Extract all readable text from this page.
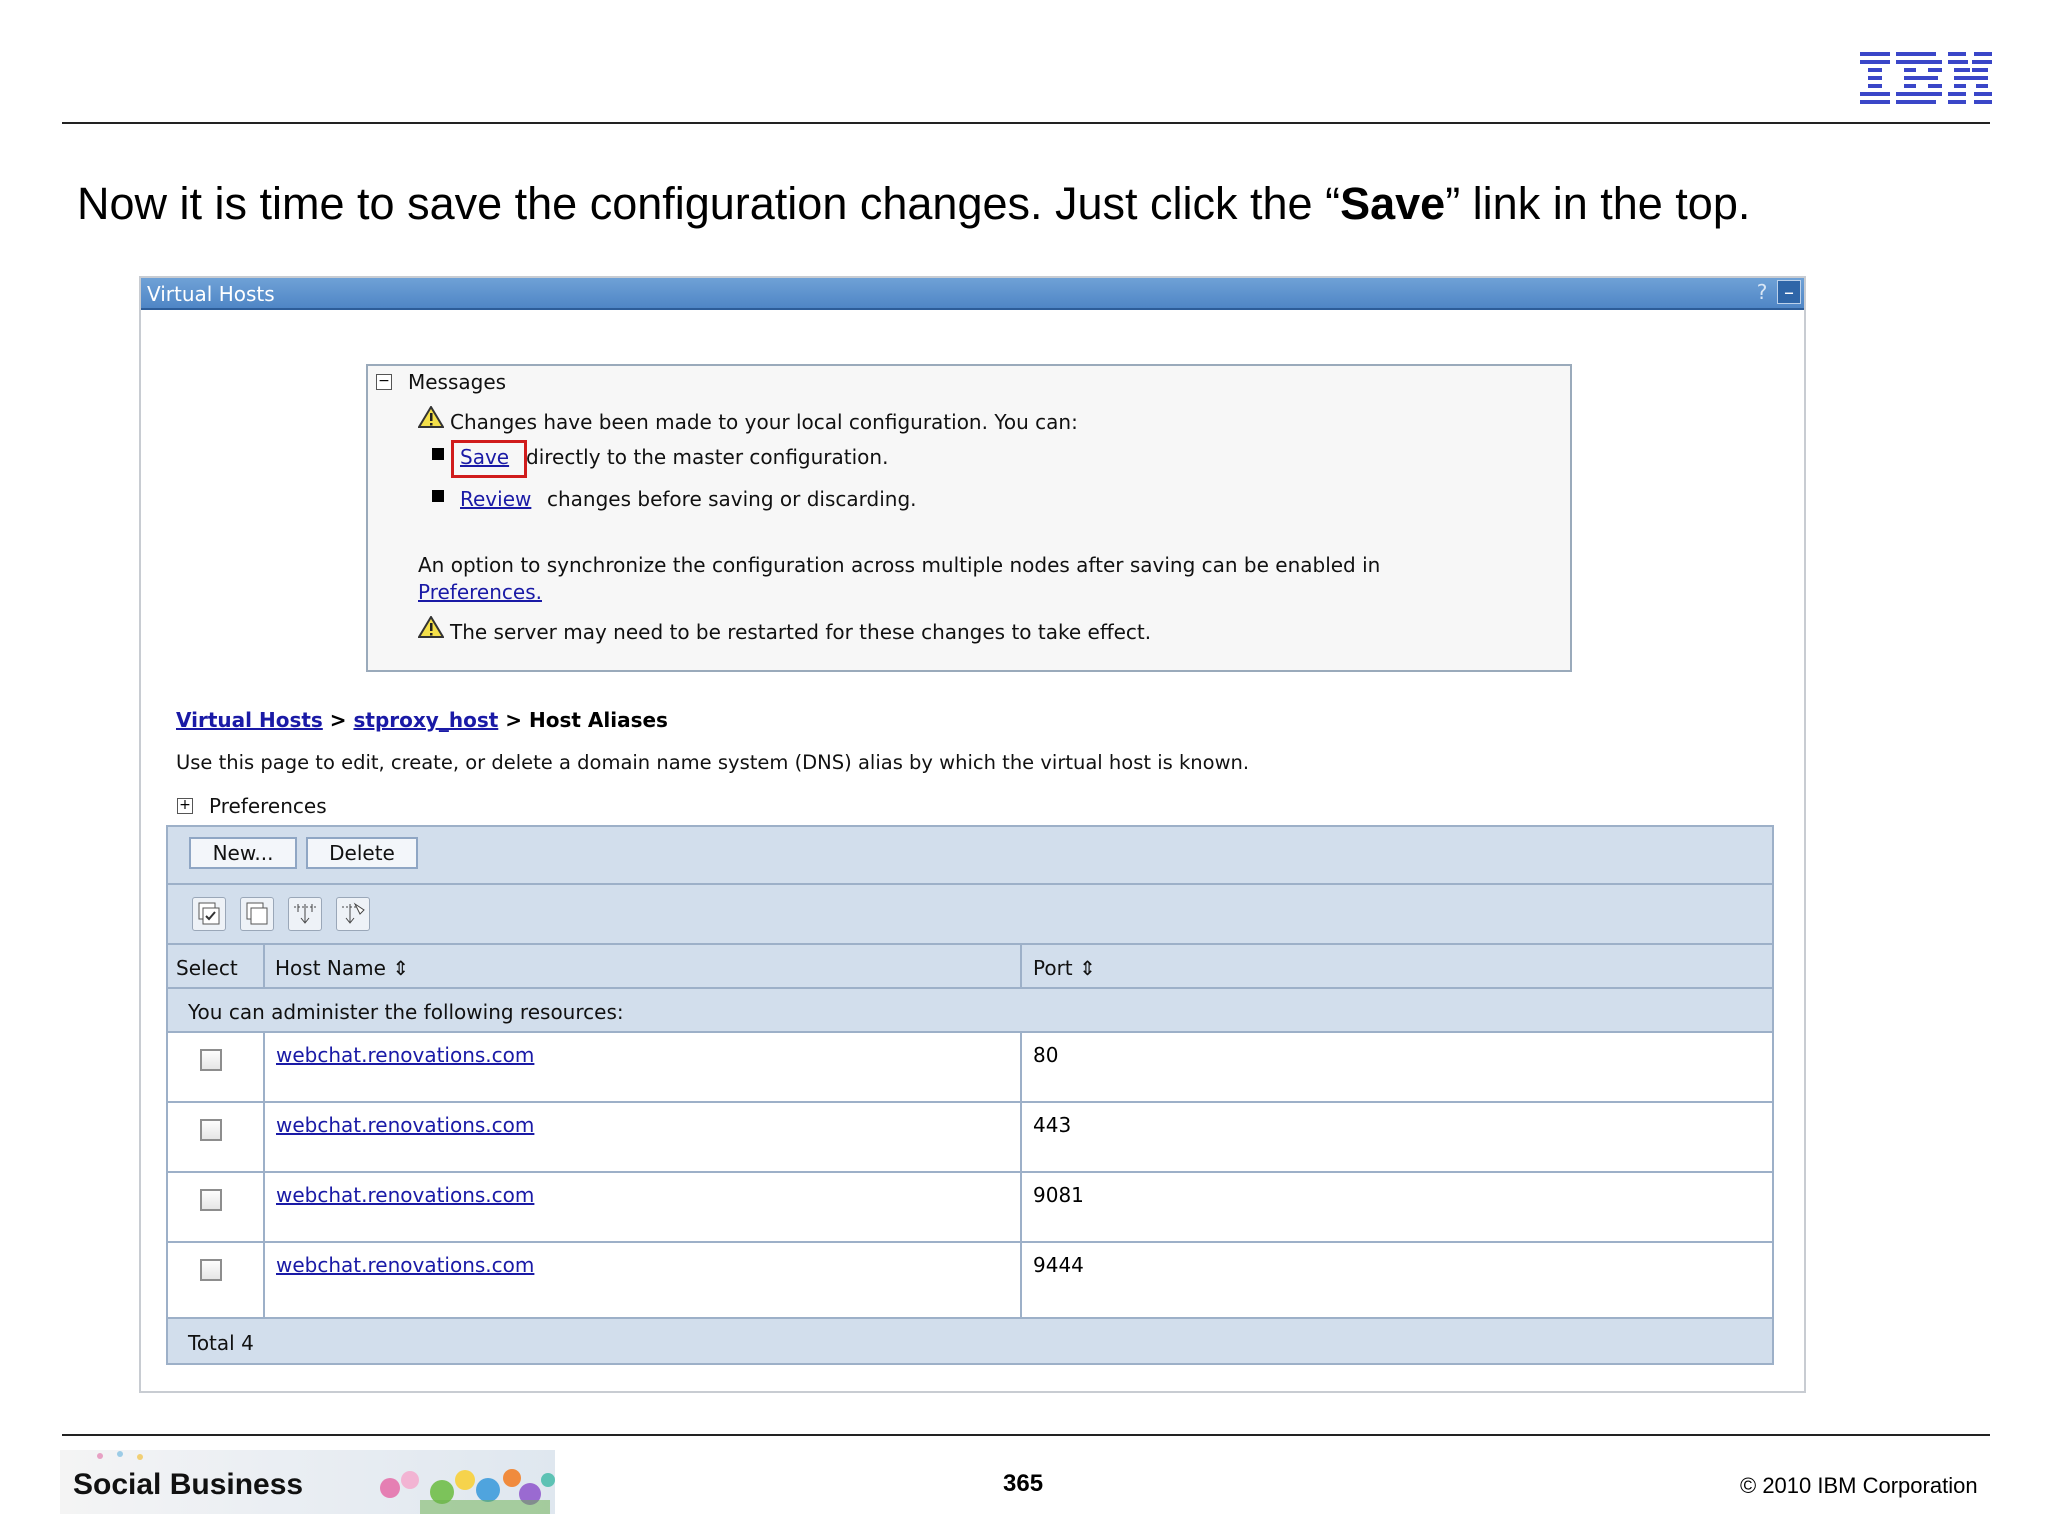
Now it is time to save the configuration changes. Just click the “Save” link in the top.
Virtual Hosts	? –
− Messages
Changes have been made to your local configuration. You can:
Save directly to the master configuration.
Review changes before saving or discarding.
An option to synchronize the configuration across multiple nodes after saving can be enabled in
Preferences.
The server may need to be restarted for these changes to take effect.
Virtual Hosts > stproxy_host > Host Aliases
Use this page to edit, create, or delete a domain name system (DNS) alias by which the virtual host is known.
+ Preferences
New...	Delete
Select Host Name ⇕	Port ⇕
You can administer the following resources:
webchat.renovations.com	80
webchat.renovations.com	443
webchat.renovations.com	9081
webchat.renovations.com	9444
Total 4
Social Business	365	© 2010 IBM Corporation
